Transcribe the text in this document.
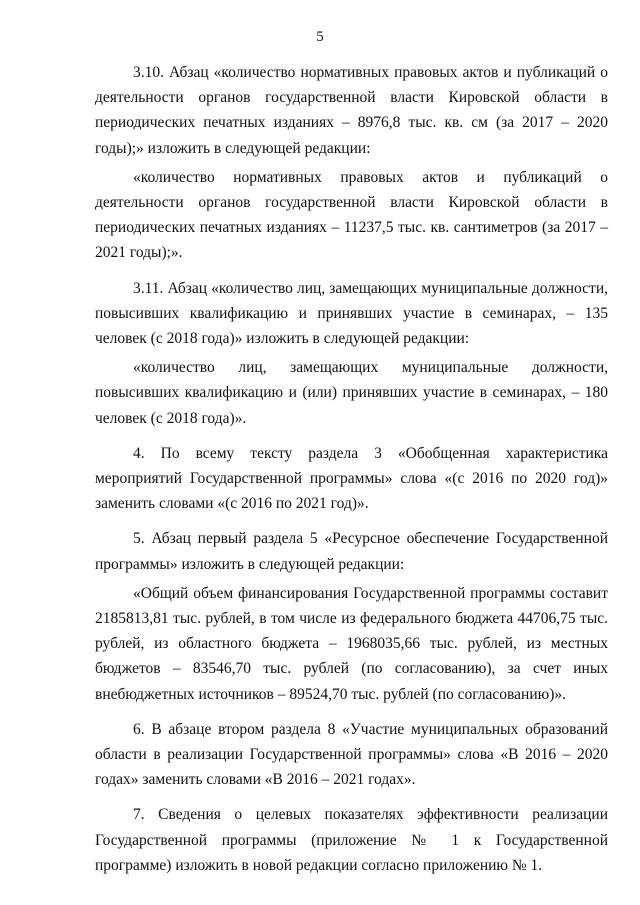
5

3.10. Абзац «количество нормативных правовых актов и публикаций о деятельности органов государственной власти Кировской области в периодических печатных изданиях – 8976,8 тыс. кв. см (за 2017 – 2020 годы);» изложить в следующей редакции:

«количество нормативных правовых актов и публикаций о деятельности органов государственной власти Кировской области в периодических печатных изданиях – 11237,5 тыс. кв. сантиметров (за 2017 – 2021 годы);».

3.11. Абзац «количество лиц, замещающих муниципальные должности, повысивших квалификацию и принявших участие в семинарах, – 135 человек (с 2018 года)» изложить в следующей редакции:

«количество лиц, замещающих муниципальные должности, повысивших квалификацию и (или) принявших участие в семинарах, – 180 человек (с 2018 года)».

4. По всему тексту раздела 3 «Обобщенная характеристика мероприятий Государственной программы» слова «(с 2016 по 2020 год)» заменить словами «(с 2016 по 2021 год)».

5. Абзац первый раздела 5 «Ресурсное обеспечение Государственной программы» изложить в следующей редакции:

«Общий объем финансирования Государственной программы составит 2185813,81 тыс. рублей, в том числе из федерального бюджета 44706,75 тыс. рублей, из областного бюджета – 1968035,66 тыс. рублей, из местных бюджетов – 83546,70 тыс. рублей (по согласованию), за счет иных внебюджетных источников – 89524,70 тыс. рублей (по согласованию)».

6. В абзаце втором раздела 8 «Участие муниципальных образований области в реализации Государственной программы» слова «В 2016 – 2020 годах» заменить словами «В 2016 – 2021 годах».

7. Сведения о целевых показателях эффективности реализации Государственной программы (приложение № 1 к Государственной программе) изложить в новой редакции согласно приложению № 1.
